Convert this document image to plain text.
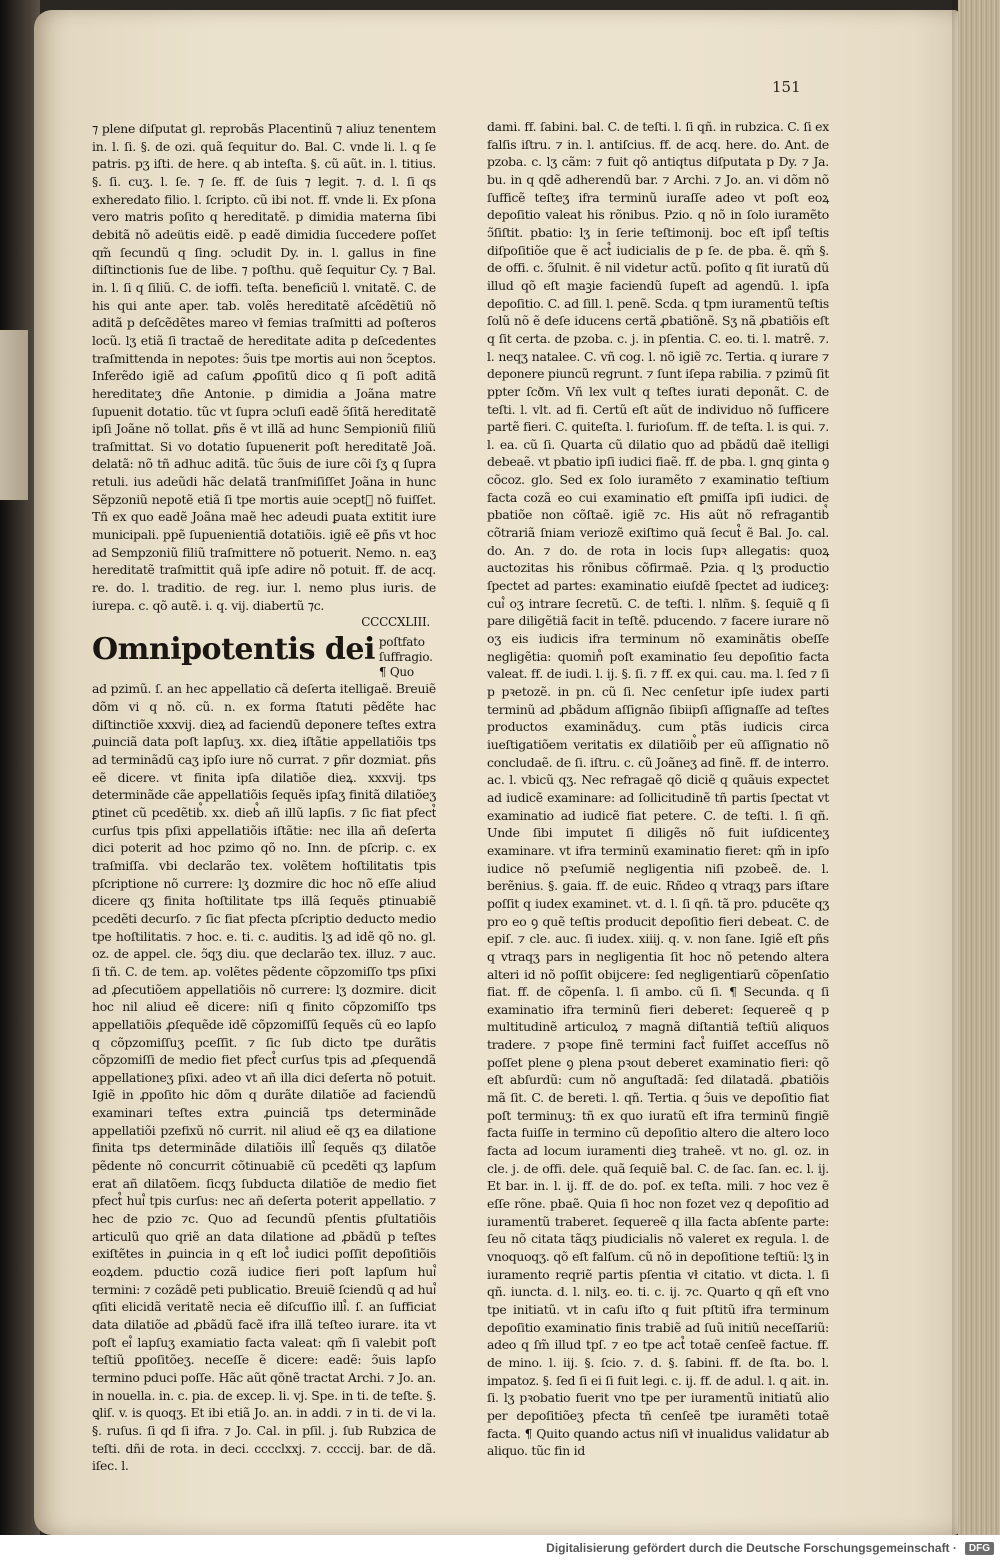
151

⁊ plene diſputat gl. reprobãs Placentinũ ⁊ aliuz tenentem in. l. ſi. §. de ozi. quã ſequitur do. Bal. C. vnde li. l. q ſe patris. pʒ iſti. de here. q ab inteſta. §. cũ aũt. in. l. titius. §. ſi. cuʒ. l. ſe. ⁊ ſe. ff. de ſuis ⁊ legit. ⁊. d. l. ſi qs exheredato filio. l. ſcripto. cũ ibi not. ff. vnde li. Ex pſona vero matris poſito q hereditatẽ. p dimidia materna ſibi debitã nõ adeütis eidẽ. p eadẽ dimidia ſuccedere poſſet qm̃ ſecundũ q ſing. ↄcludit Dy. in. l. gallus in fine diſtinctionis ſue de libe. ⁊ poſthu. quẽ ſequitur Cy. ⁊ Bal. in. l. ſi q ſiliũ. C. de ioffi. teſta. beneficiũ l. vnitatẽ. C. de his qui ante aper. tab. volẽs hereditatẽ aſcẽdẽtiũ nõ aditã p deſcẽdẽtes mareo vł femias traſmitti ad poſteros locũ. lʒ etiã ſi tractaẽ de hereditate adita p deſcedentes traſmittenda in nepotes: ↄ̃uis tpe mortis aui non ↄ̃ceptos. Inferẽdo igiẽ ad caſum ꝓpoſitũ dico q ſi poſt aditã hereditateʒ dñe Antonie. p dimidia a Joãna matre ſupuenit dotatio. tũc vt ſupra ↄcluſi eadẽ ↄ̃ſitã hereditatẽ ipſi Joãne nõ tollat. ꝑñs ẽ vt illã ad hunc Sempioniũ filiũ traſmittat. Si vo dotatio ſupuenerit poſt hereditatẽ Joã. delatã: nõ tñ adhuc aditã. tũc ↄ̃uis de iure cõi ſʒ q ſupra retuli. ius adeũdi hãc delatã tranſmiſiſſet Joãna in hunc Sẽpzoniũ nepotẽ etiã ſi tpe mortis auie ↄcept᷒ nõ fuiſſet. Tñ ex quo eadẽ Joãna maẽ hec adeudi ꝑuata extitit iure municipali. ppẽ ſupuenientiã dotatiõis. igiẽ eẽ ꝑñs vt hoc ad Sempzoniũ filiũ traſmittere nõ potuerit. Nemo. n. eaʒ hereditatẽ traſmittit quã ipſe adire nõ potuit. ff. de acq. re. do. l. traditio. de reg. iur. l. nemo plus iuris. de iurepa. c. qõ autẽ. i. q. vij. diabertũ ⁊c.

CCCCXLIII.
Omnipotentis dei poſtfato ſuffragio. ¶ Quo

ad pzimũ. ſ. an hec appellatio cã deſerta itelligaẽ. Breuiẽ dõm vi q nõ. cũ. n. ex forma ſtatuti pẽdẽte hac diſtinctiõe xxxvij. dieꝝ ad faciendũ deponere teſtes extra ꝓuinciã data poſt lapſuʒ. xx. dieꝝ iſtãtie appellatiõis tps ad terminãdũ caʒ ipſo iure nõ currat. ⁊ ꝑñr dozmiat. ꝑñs eẽ dicere. vt finita ipſa dilatiõe dieꝝ. xxxvij. tps determinãde cãe appellatiõis ſequẽs ipſaʒ finitã dilatiõeʒ ꝑtinet cũ pcedẽtib᷒. xx. dieb᷒ añ illũ lapſis. ⁊ ſic fiat pfect᷒ curſus tpis pſixi appellatiõis iſtãtie: nec illa añ deſerta dici poterit ad hoc pzimo qõ no. Inn. de pſcrip. c. ex traſmiſſa. vbi declarão tex. volẽtem hoſtilitatis tpis pſcriptione nõ currere: lʒ dozmire dic hoc nõ eſſe aliud dicere qʒ finita hoſtilitate tps illã ſequẽs ꝑtinuabiẽ pcedẽti decurſo. ⁊ ſic fiat pfecta pſcriptio deducto medio tpe hoſtilitatis. ⁊ hoc. e. ti. c. auditis. lʒ ad idẽ qõ no. gl. oz. de appel. cle. ↄ̃qʒ diu. que declarão tex. illuz. ⁊ auc. ſi tñ. C. de tem. ap. volẽtes pẽdente cõpzomiſſo tps pſixi ad ꝓſecutiõem appellatiõis nõ currere: lʒ dozmire. dicit hoc nil aliud eẽ dicere: niſi q finito cõpzomiſſo tps appellatiõis ꝓſequẽde idẽ cõpzomiſſũ ſequẽs cũ eo lapſo q cõpzomiſſuʒ pceſſit. ⁊ ſic ſub dicto tpe durãtis cõpzomiſſi de medio fiet pfect᷒ curſus tpis ad ꝓſequendã appellationeʒ pſixi. adeo vt añ illa dici deſerta nõ potuit. Igiẽ in ꝓpoſito hic dõm q durãte dilatiõe ad faciendũ examinari teſtes extra ꝓuinciã tps determinãde appellatiõi pzefixũ nõ currit. nil aliud eẽ qʒ ea dilatione finita tps determinãde dilatiõis illi᷒ ſequẽs qʒ dilatõe pẽdente nõ concurrit cõtinuabiẽ cũ pcedẽti qʒ lapſum erat añ dilatõem. ſicqʒ ſubducta dilatiõe de medio fiet pfect᷒ hui᷒ tpis curſus: nec añ deſerta poterit appellatio. ⁊ hec de pzio ⁊c. Quo ad ſecundũ pſentis ꝑſultatiõis articulũ quo qriẽ an data dilatione ad ꝓbãdũ p teſtes exiſtẽtes in ꝓuincia in q eſt loc᷒ iudici poſſit depoſitiõis eoꝝdem. pductio cozã iudice fieri poſt lapſum hui᷒ termini: ⁊ cozãdẽ peti publicatio. Breuiẽ ſciendũ q ad hui᷒ qſiti elicidã veritatẽ necia eẽ diſcuſſio illi᷒. ſ. an ſufficiat data dilatiõe ad ꝓbãdũ facẽ ifra illã teſteo iurare. ita vt poſt ei᷒ lapſuʒ examiatio facta valeat: qm̃ ſi valebit poſt teſtiũ ꝑpoſitõeʒ. neceſſe ẽ dicere: eadẽ: ↄ̃uis lapſo termino pduci poſſe. Hãc aũt qõnẽ tractat Archi. ⁊ Jo. an. in nouella. in. c. pia. de excep. li. vj. Spe. in ti. de teſte. §. ꝗliſ. v. is quoqʒ. Et ibi etiã Jo. an. in addi. ⁊ in ti. de vi la. §. ruſus. ſi qd ſi ifra. ⁊ Jo. Cal. in pſil. j. ſub Rubzica de teſti. dñi de rota. in deci. cccclxxj. ⁊. ccccij. bar. de dã. iſec. l.

dami. ff. ſabini. bal. C. de teſti. l. ſi qñ. in rubzica. C. ſi ex falſis iſtru. ⁊ in. l. antiſcius. ff. de acq. here. do. Ant. de pzoba. c. lʒ cãm: ⁊ fuit qõ antiqtus diſputata p Dy. ⁊ Ja. bu. in q qdẽ adherendũ bar. ⁊ Archi. ⁊ Jo. an. vi dõm nõ ſufficẽ teſteʒ ifra terminũ iuraſſe adeo vt poſt eoꝝ depoſitio valeat his rõnibus. Pzio. q nõ in ſolo iuramẽto ↄ̃ſiſtit. pbatio: lʒ in ſerie teſtimonij. boc eſt ipſi᷒ teſtis diſpoſitiõe que ẽ act᷒ iudicialis de p ſe. de pba. ẽ. qm̃ §. de offi. c. ↄ̃ſulnit. ẽ nil videtur actũ. poſito q ſit iuratũ dũ illud qõ eſt maꝫie faciendũ ſupeſt ad agendũ. l. ipſa depoſitio. C. ad ſill. l. penẽ. Scda. q tpm iuramentũ teſtis ſolũ nõ ẽ deſe iducens certã ꝓbatiõnẽ. Sʒ nã ꝓbatiõis eſt q ſit certa. de pzoba. c. j. in pſentia. C. eo. ti. l. matrẽ. ⁊. l. neqʒ natalee. C. vñ cog. l. nõ igiẽ ⁊c. Tertia. q iurare ⁊ deponere piuncũ regrunt. ⁊ ſunt iſepa rabilia. ⁊ pzimũ ſit ppter ſcðm. Vñ lex vult q teſtes iurati deponãt. C. de teſti. l. vlt. ad fi. Certũ eſt aũt de individuo nõ ſufficere partẽ fieri. C. quiteſta. l. furioſum. ff. de teſta. l. is qui. ⁊. l. ea. cũ ſi. Quarta cũ dilatio quo ad pbãdũ daẽ itelligi debeaẽ. vt pbatio ipſi iudici fiaẽ. ff. de pba. l. gnq ginta ꝯ cõcoz. glo. Sed ex ſolo iuramẽto ⁊ examinatio teſtium facta cozã eo cui examinatio eſt ꝑmiſſa ipſi iudici. de pbatiõe non cõſtaẽ. igiẽ ⁊c. His aũt nõ refragantib᷒ cõtrariã ſniam veriozẽ exiſtimo quã ſecut᷒ ẽ Bal. Jo. cal. do. An. ⁊ do. de rota in locis ſupꝛ allegatis: quoꝝ auctozitas his rõnibus cõfirmaẽ. Pzia. q lʒ productio ſpectet ad partes: examinatio eiuſdẽ ſpectet ad iudiceʒ: cui᷒ oʒ intrare ſecretũ. C. de teſti. l. nlñm. §. ſequiẽ q ſi pare diligẽtiã facit in teſtẽ. pducendo. ⁊ facere iurare nõ oʒ eis iudicis ifra terminum nõ examinãtis obeſſe negligẽtia: quomin᷒ poſt examinatio ſeu depoſitio facta valeat. ff. de iudi. l. ij. §. ſi. ⁊ ff. ex qui. cau. ma. l. ſed ⁊ ſi p pꝛetozẽ. in pn. cũ ſi. Nec cenſetur ipſe iudex parti terminũ ad ꝓbãdum aſſignão ſibiipſi aſſignaſſe ad teſtes productos examinãduʒ. cum ptãs iudicis circa iueſtigatiõem veritatis ex dilatiõib᷒ per eũ aſſignatio nõ concludaẽ. de ſi. iſtru. c. cũ Joãneʒ ad finẽ. ff. de interro. ac. l. vbicũ qʒ. Nec refragaẽ qõ diciẽ q quãuis expectet ad iudicẽ examinare: ad ſollicitudinẽ tñ partis ſpectat vt examinatio ad iudicẽ fiat petere. C. de teſti. l. ſi qñ. Unde ſibi imputet ſi diligẽs nõ fuit iuſdicenteʒ examinare. vt ifra terminũ examinatio fieret: qm̃ in ipſo iudice nõ pꝛeſumiẽ negligentia niſi pzobeẽ. de. l. berẽnius. §. gaia. ff. de euic. Rñdeo q vtraqʒ pars iſtare poſſit q iudex examinet. vt. d. l. ſi qñ. tã pro. pducẽte qʒ pro eo ꝯ quẽ teſtis producit depoſitio fieri debeat. C. de epiſ. ⁊ cle. auc. ſi iudex. xiiij. q. v. non ſane. Igiẽ eſt ꝑñs q vtraqʒ pars in negligentia ſit hoc nõ petendo altera alteri id nõ poſſit obijcere: ſed negligentiarũ cõpenſatio fiat. ff. de cõpenſa. l. ſi ambo. cũ ſi. ¶ Secunda. q ſi examinatio ifra terminũ fieri deberet: ſequereẽ q p multitudinẽ articuloꝝ ⁊ magnã diſtantiã teſtiũ aliquos tradere. ⁊ pꝛope finẽ termini fact᷒ fuiſſet acceſſus nõ poſſet plene ꝯ plena pꝛout deberet examinatio fieri: qõ eſt abſurdũ: cum nõ anguſtadã: ſed dilatadã. ꝓbatiõis mã ſit. C. de bereti. l. qñ. Tertia. q ↄ̃uis ve depoſitio fiat poſt terminuʒ: tñ ex quo iuratũ eſt ifra terminũ fingiẽ facta fuiſſe in termino cũ depoſitio altero die altero loco facta ad locum iuramenti dieꝫ traheẽ. vt no. gl. oz. in cle. j. de offi. dele. quã ſequiẽ bal. C. de ſac. ſan. ec. l. ij. Et bar. in. l. ij. ff. de do. poſ. ex teſta. mili. ⁊ hoc vez ẽ eſſe rõne. pbaẽ. Quia ſi hoc non fozet vez q depoſitio ad iuramentũ traberet. ſequereẽ q illa facta abſente parte: ſeu nõ citata tãqʒ piudicialis nõ valeret ex regula. l. de vnoquoqʒ. qõ eſt falſum. cũ nõ in depoſitione teſtiũ: lʒ in iuramento reqriẽ partis pſentia vł citatio. vt dicta. l. ſi qñ. iuncta. d. l. nilʒ. eo. ti. c. ij. ⁊c. Quarto q qñ eſt vno tpe initiatũ. vt in caſu iſto q fuit pſtitũ ifra terminum depoſitio examinatio finis trabiẽ ad ſuũ initiũ neceſſariũ: adeo q ſm̃ illud tpſ. ⁊ eo tpe act᷒ totaẽ cenſeẽ factue. ff. de mino. l. iij. §. ſcio. ⁊. d. §. ſabini. ff. de ſta. bo. l. impatoz. §. ſed ſi ei ſi fuit legi. c. ij. ff. de adul. l. q ait. in. ſi. lʒ pꝛobatio fuerit vno tpe per iuramentũ initiatũ alio per depoſitiõeʒ pfecta tñ cenſeẽ tpe iuramẽti totaẽ facta. ¶ Quito quando actus niſi vł inualidus validatur ab aliquo. tũc fin id

Digitalisierung gefördert durch die Deutsche Forschungsgemeinschaft ·	DFG
